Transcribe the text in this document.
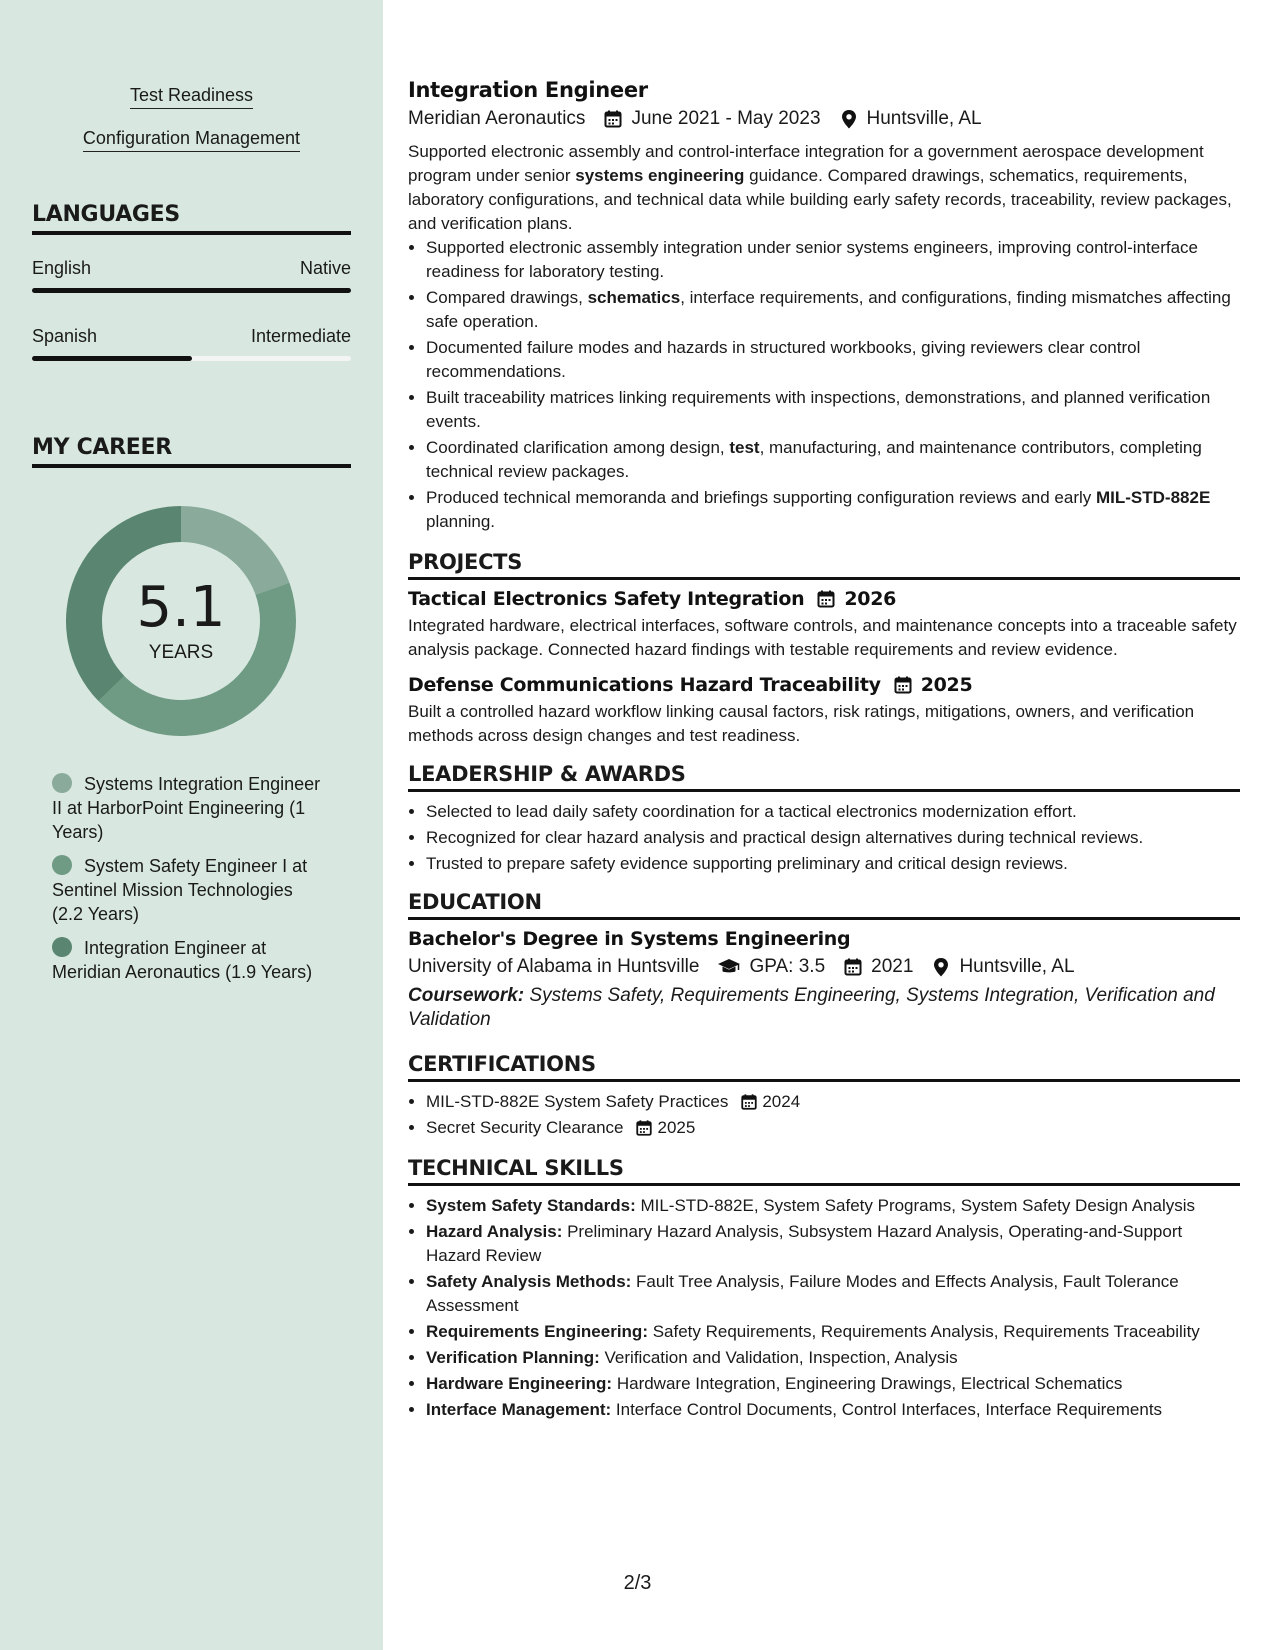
Test Readiness
Configuration Management
LANGUAGES
English	Native
Spanish	Intermediate
MY CAREER
5.1
YEARS
Systems Integration Engineer II at HarborPoint Engineering (1 Years)
System Safety Engineer I at Sentinel Mission Technologies (2.2 Years)
Integration Engineer at Meridian Aeronautics (1.9 Years)
Integration Engineer
Meridian Aeronautics June 2021 - May 2023 Huntsville, AL

Supported electronic assembly and control-interface integration for a government aerospace development program under senior systems engineering guidance. Compared drawings, schematics, requirements, laboratory configurations, and technical data while building early safety records, traceability, review packages, and verification plans.

• Supported electronic assembly integration under senior systems engineers, improving control-interface readiness for laboratory testing.
• Compared drawings, schematics, interface requirements, and configurations, finding mismatches affecting safe operation.
• Documented failure modes and hazards in structured workbooks, giving reviewers clear control recommendations.
• Built traceability matrices linking requirements with inspections, demonstrations, and planned verification events.
• Coordinated clarification among design, test, manufacturing, and maintenance contributors, completing technical review packages.
• Produced technical memoranda and briefings supporting configuration reviews and early MIL-STD-882E planning.
PROJECTS
Tactical Electronics Safety Integration 2026

Integrated hardware, electrical interfaces, software controls, and maintenance concepts into a traceable safety analysis package. Connected hazard findings with testable requirements and review evidence.

Defense Communications Hazard Traceability 2025

Built a controlled hazard workflow linking causal factors, risk ratings, mitigations, owners, and verification methods across design changes and test readiness.

LEADERSHIP & AWARDS
• Selected to lead daily safety coordination for a tactical electronics modernization effort.
• Recognized for clear hazard analysis and practical design alternatives during technical reviews.
• Trusted to prepare safety evidence supporting preliminary and critical design reviews.
EDUCATION
Bachelor's Degree in Systems Engineering
University of Alabama in Huntsville	GPA: 3.5 2021 Huntsville, AL
Coursework: Systems Safety, Requirements Engineering, Systems Integration, Verification and Validation
CERTIFICATIONS
• MIL-STD-882E System Safety Practices 2024
• Secret Security Clearance 2025
TECHNICAL SKILLS
• System Safety Standards: MIL-STD-882E, System Safety Programs, System Safety Design Analysis
• Hazard Analysis: Preliminary Hazard Analysis, Subsystem Hazard Analysis, Operating-and-Support Hazard Review
• Safety Analysis Methods: Fault Tree Analysis, Failure Modes and Effects Analysis, Fault Tolerance Assessment
• Requirements Engineering: Safety Requirements, Requirements Analysis, Requirements Traceability
• Verification Planning: Verification and Validation, Inspection, Analysis
• Hardware Engineering: Hardware Integration, Engineering Drawings, Electrical Schematics
• Interface Management: Interface Control Documents, Control Interfaces, Interface Requirements
2/3
